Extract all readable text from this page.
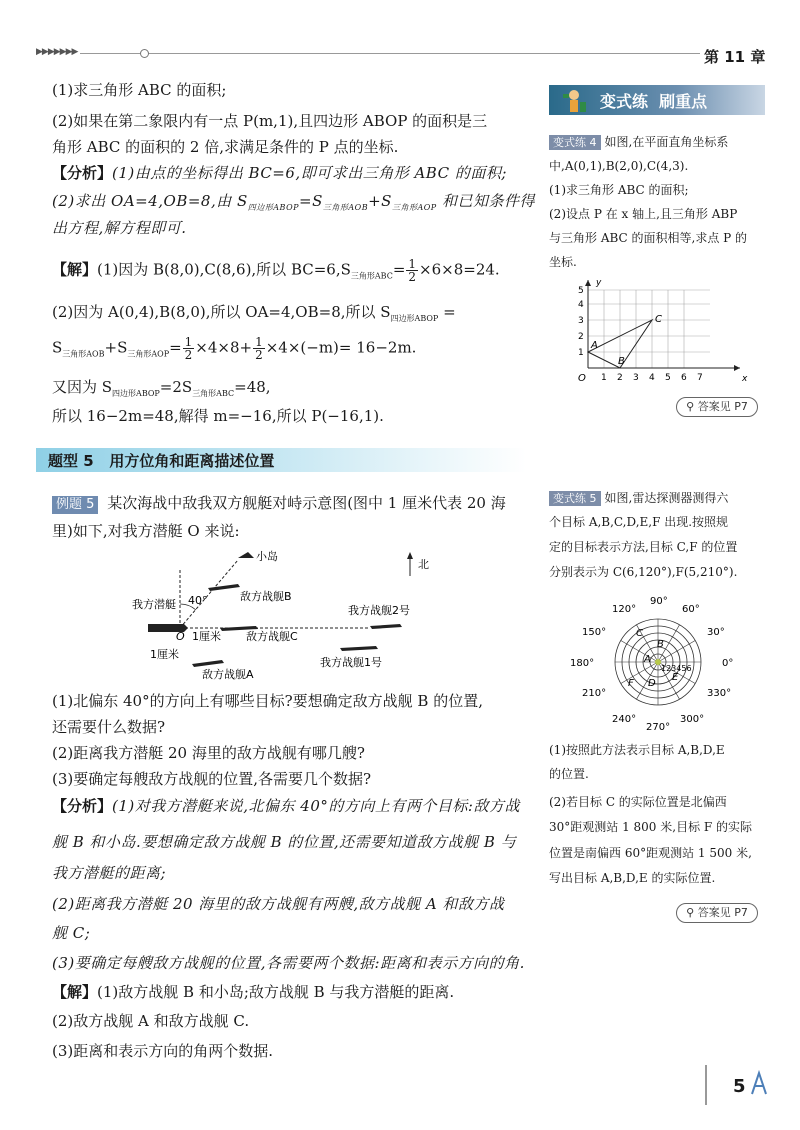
▶▶▶▶▶▶▶	第 11 章
变式练  刷重点
(1)求三角形 ABC 的面积;
(2)如果在第二象限内有一点 P(m,1),且四边形 ABOP 的面积是三
角形 ABC 的面积的 2 倍,求满足条件的 P 点的坐标.
【分析】(1)由点的坐标得出 BC=6,即可求出三角形 ABC 的面积;
(2)求出 OA=4,OB=8,由 $S_{四边形ABOP}=S_{三角形AOB}+S_{三角形AOP}$ 和已知条件得
出方程,解方程即可.
【解】(1)因为 B(8,0),C(8,6),所以 $BC=6,S_{三角形ABC}= \frac{1}{2} \times 6\times 8=24$.
(2)因为 A(0,4),B(8,0),所以 OA=4,OB=8,所以 $S_{四边形ABOP}$ =
$S_{三角形AOB}+S_{三角形AOP}= \frac{1}{2} \times 4\times 8+ \frac{1}{2} \times 4\times(-m)= 16-2m$.
又因为 $S_{四边形ABOP}=2S_{三角形ABC}=48$,
所以 16−2m=48,解得 m=−16,所以 P(−16,1).
变式练 4 如图,在平面直角坐标系
中,A(0,1),B(2,0),C(4,3).
(1)求三角形 ABC 的面积;
(2)设点 P 在 x 轴上,且三角形 ABP
与三角形 ABC 的面积相等,求点 P 的
坐标.
y
x
O
1
2
3
4
5
1 2 3 4 5 6 7
A
B
C
⚲ 答案见 P7
题型 5   用方位角和距离描述位置
例题 5 某次海战中敌我双方舰艇对峙示意图(图中 1 厘米代表 20 海
里)如下,对我方潜艇 O 来说:
小岛
北
40°
我方潜艇
O 1厘米
敌方战舰B
我方战舰2号
敌方战舰C
1厘米
敌方战舰A
我方战舰1号
(1)北偏东 40°的方向上有哪些目标?要想确定敌方战舰 B 的位置,
还需要什么数据?
(2)距离我方潜艇 20 海里的敌方战舰有哪几艘?
(3)要确定每艘敌方战舰的位置,各需要几个数据?
【分析】(1)对我方潜艇来说,北偏东 40°的方向上有两个目标:敌方战
舰 B 和小岛.要想确定敌方战舰 B 的位置,还需要知道敌方战舰 B 与
我方潜艇的距离;
(2)距离我方潜艇 20 海里的敌方战舰有两艘,敌方战舰 A 和敌方战
舰 C;
(3)要确定每艘敌方战舰的位置,各需要两个数据:距离和表示方向的角.
【解】(1)敌方战舰 B 和小岛;敌方战舰 B 与我方潜艇的距离.
(2)敌方战舰 A 和敌方战舰 C.
(3)距离和表示方向的角两个数据.
变式练 5 如图,雷达探测器测得六
个目标 A,B,C,D,E,F 出现.按照规
定的目标表示方法,目标 C,F 的位置
分别表示为 C(6,120°),F(5,210°).
90°
60°
30°
0°
330°
300°
270°
240°
210°
180°
150°
120°
123456
C
B
A
F D
E
(1)按照此方法表示目标 A,B,D,E
的位置.
(2)若目标 C 的实际位置是北偏西
30°距观测站 1 800 米,目标 F 的实际
位置是南偏西 60°距观测站 1 500 米,
写出目标 A,B,D,E 的实际位置.
⚲ 答案见 P7
5
